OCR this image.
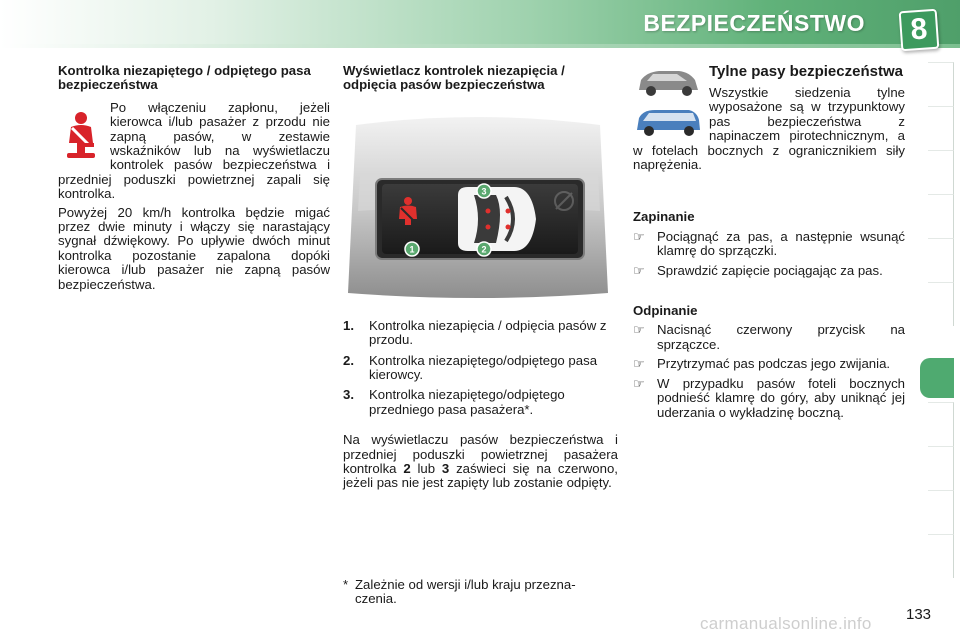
BEZPIECZEŃSTWO	8
Kontrolka niezapiętego / odpiętego pasa bezpieczeństwa
Po włączeniu zapłonu, jeżeli kierowca i/lub pasażer z przodu nie zapną pasów, w zestawie wskaźników lub na wyświetlaczu kontrolek pasów bezpieczeństwa i przedniej poduszki powietrznej zapali się kontrolka.
Powyżej 20 km/h kontrolka będzie migać przez dwie minuty i włączy się narastający sygnał dźwiękowy. Po upływie dwóch minut kontrolka pozostanie zapalona dopóki kierowca i/lub pasażer nie zapną pasów bezpieczeństwa.
Wyświetlacz kontrolek niezapięcia / odpięcia pasów bezpieczeństwa
3
2
1
1.	Kontrolka niezapięcia / odpięcia pasów z przodu.
2.	Kontrolka niezapiętego/odpiętego pasa kierowcy.
3.	Kontrolka niezapiętego/odpiętego przedniego pasa pasażera*.
Na wyświetlaczu pasów bezpieczeństwa i przedniej poduszki powietrznej pasażera kontrolka 2 lub 3 zaświeci się na czerwono, jeżeli pas nie jest zapięty lub zostanie odpięty.
* Zależnie od wersji i/lub kraju przezna-
czenia.
Tylne pasy bezpieczeństwa
Wszystkie siedzenia tylne wyposażone są w trzypunktowy pas bezpieczeństwa z napinaczem pirotechnicznym, a w fotelach bocznych z ogranicznikiem siły naprężenia.
Zapinanie
☞ Pociągnąć za pas, a następnie wsunąć klamrę do sprzączki.
☞ Sprawdzić zapięcie pociągając za pas.
Odpinanie
☞ Nacisnąć czerwony przycisk na sprzączce.
☞ Przytrzymać pas podczas jego zwijania.
☞ W przypadku pasów foteli bocznych podnieść klamrę do góry, aby uniknąć jej uderzania o wykładzinę boczną.
carmanualsonline.info 133
